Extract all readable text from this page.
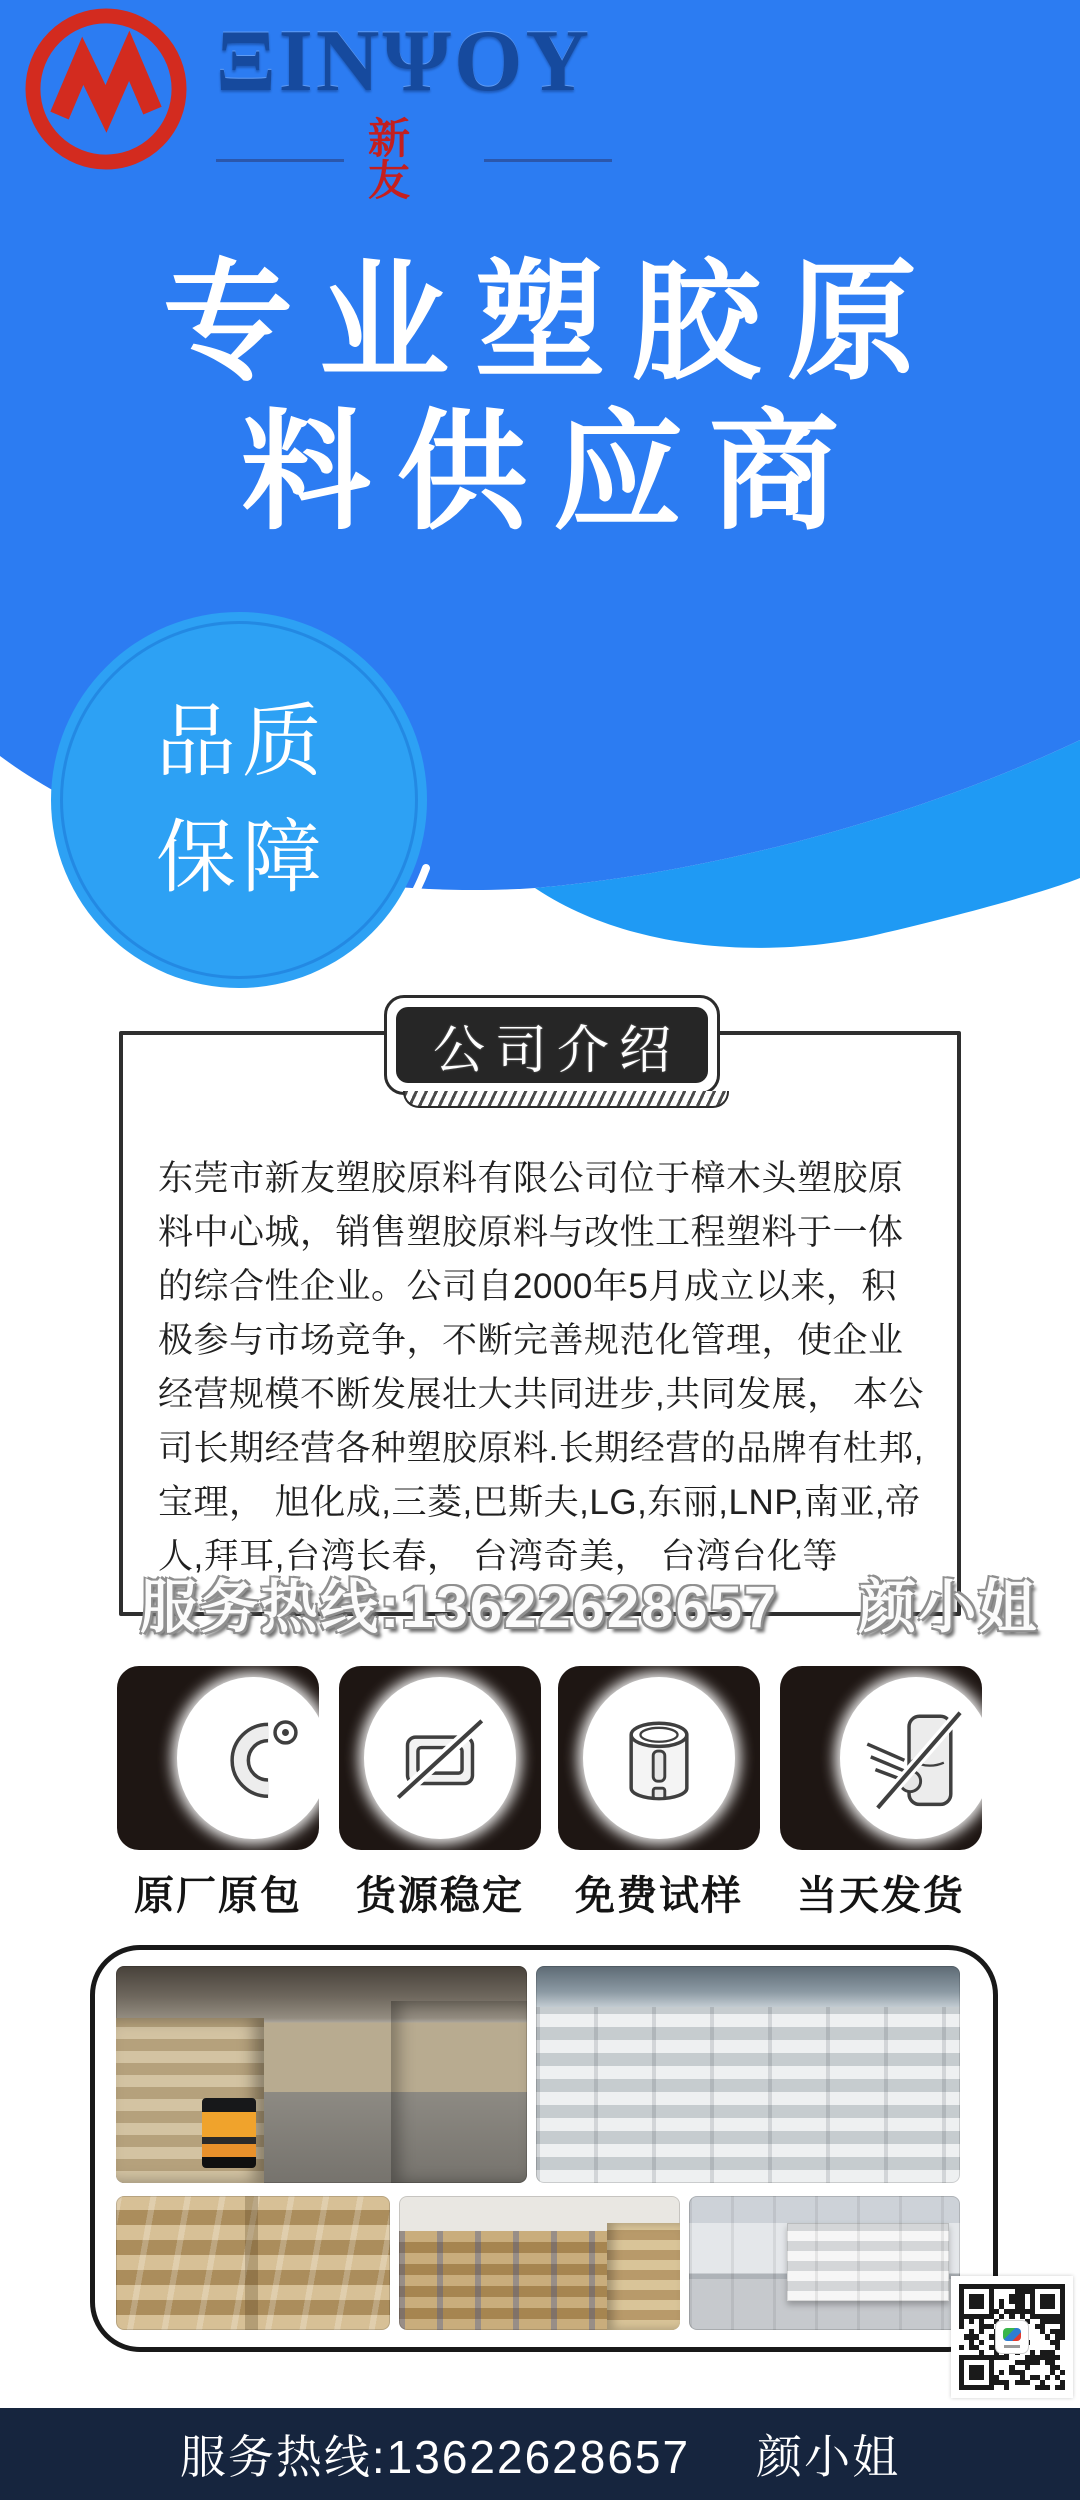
ΞINΨOY
新友
专业塑胶原
料供应商
品质
保障
公司介绍
东莞市新友塑胶原料有限公司位于樟木头塑胶原
料中心城，销售塑胶原料与改性工程塑料于一体
的综合性企业。公司自2000年5月成立以来，积
极参与市场竞争，不断完善规范化管理，使企业
经营规模不断发展壮大共同进步,共同发展， 本公
司长期经营各种塑胶原料.长期经营的品牌有杜邦,
宝理， 旭化成,三菱,巴斯夫,LG,东丽,LNP,南亚,帝
人,拜耳,台湾长春， 台湾奇美， 台湾台化等
服务热线:13622628657 颜小姐
原厂原包	货源稳定	免费试样	当天发货
服务热线:13622628657 颜小姐
